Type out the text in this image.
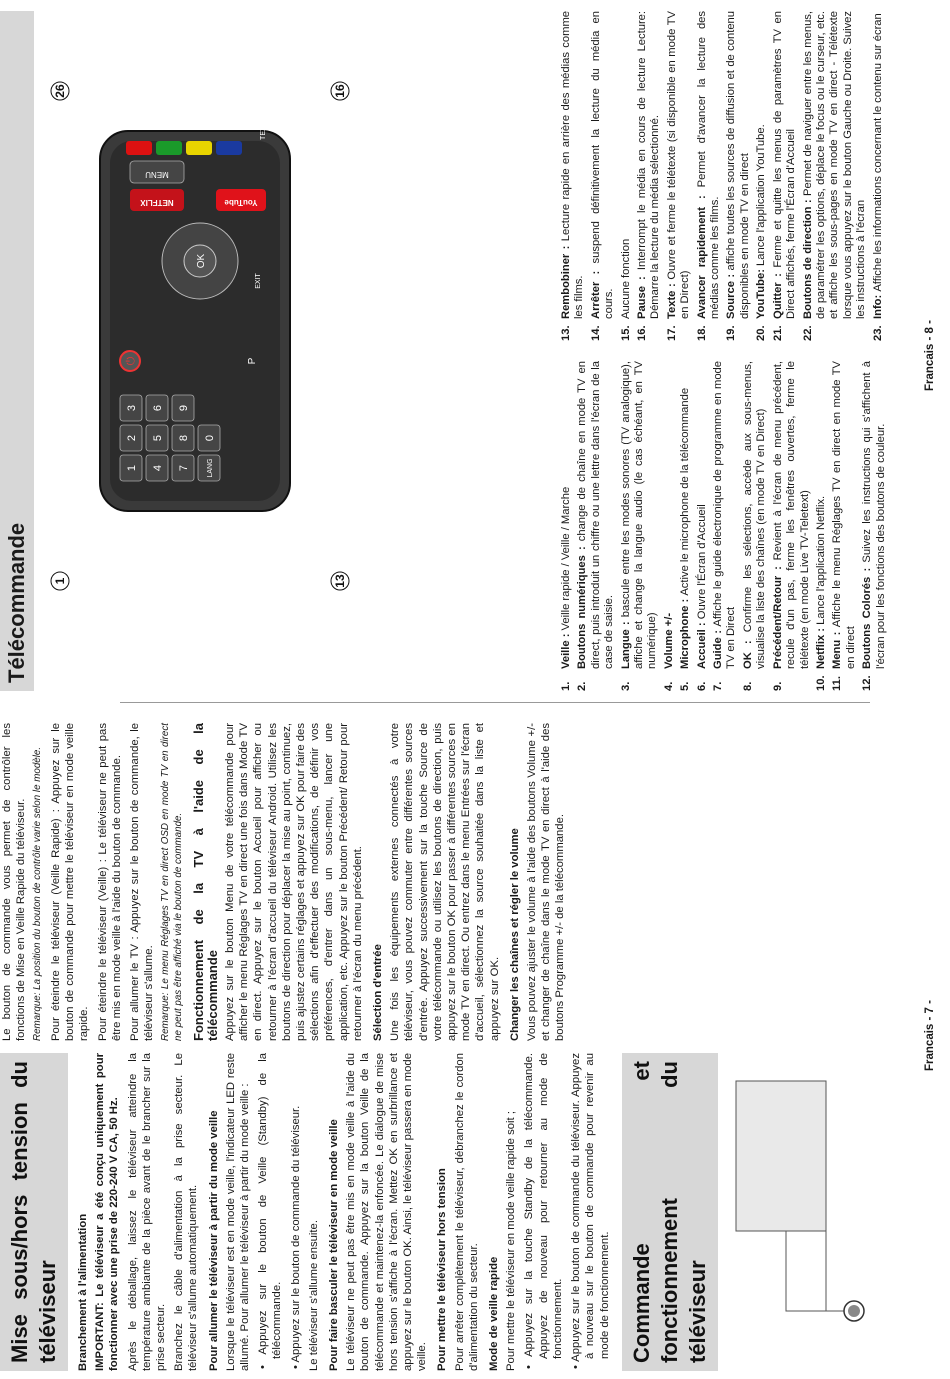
Mise sous/hors tension du téléviseur	Branchement à l'alimentation IMPORTANT: Le téléviseur a été conçu uniquement pour fonctionner avec une prise de 220-240 V CA, 50 Hz. Après le déballage, laissez le téléviseur atteindre la température ambiante de la pièce avant de le brancher sur la prise secteur. Branchez le câble d'alimentation à la prise secteur. Le téléviseur s'allume automatiquement. Pour allumer le téléviseur à partir du mode veille Lorsque le téléviseur est en mode veille, l'indicateur LED reste allumé. Pour allumer le téléviseur à partir du mode veille : • Appuyez sur le bouton de Veille (Standby) de la télécommande. • Appuyez sur le bouton de commande du téléviseur. Le téléviseur s'allume ensuite. Pour faire basculer le téléviseur en mode veille Le téléviseur ne peut pas être mis en mode veille à l'aide du bouton de commande. Appuyez sur la bouton Veille de la télécommande et maintenez-la enfoncée. Le dialogue de mise hors tension s'affiche à l'écran. Mettez OK en surbrillance et appuyez sur le bouton OK. Ainsi, le téléviseur passera en mode veille. Pour mettre le téléviseur hors tension Pour arrêter complètement le téléviseur, débranchez le cordon d'alimentation du secteur. Mode de veille rapide Pour mettre le téléviseur en mode veille rapide soit ; • Appuyez sur la touche Standby de la télécommande. Appuyez de nouveau pour retourner au mode de fonctionnement. • Appuyez sur le bouton de commande du téléviseur. Appuyez à nouveau sur le bouton de commande pour revenir au mode de fonctionnement. Commande et fonctionnement du téléviseur

Le bouton de commande vous permet de contrôler les fonctions de Mise en Veille Rapide du téléviseur. Remarque: La position du bouton de contrôle varie selon le modèle. Pour éteindre le téléviseur (Veille Rapide) : Appuyez sur le bouton de commande pour mettre le téléviseur en mode veille rapide. Pour éteindre le téléviseur (Veille) : Le téléviseur ne peut pas être mis en mode veille à l'aide du bouton de commande. Pour allumer le TV : Appuyez sur le bouton de commande, le téléviseur s'allume. Remarque: Le menu Réglages TV en direct OSD en mode TV en direct ne peut pas être affiché via le bouton de commande. Fonctionnement de la TV à l'aide de la télécommande Appuyez sur le bouton Menu de votre télécommande pour afficher le menu Réglages TV en direct une fois dans Mode TV en direct. Appuyez sur le bouton Accueil pour afficher ou retourner à l'écran d'accueil du téléviseur Android. Utilisez les boutons de direction pour déplacer la mise au point, continuez, puis ajustez certains réglages et appuyez sur OK pour faire des sélections afin d'effectuer des modifications, de définir vos préférences, d'entrer dans un sous-menu, lancer une application, etc. Appuyez sur le bouton Précédent/ Retour pour retourner à l'écran du menu précédent. Sélection d'entrée Une fois les équipements externes connectés à votre téléviseur, vous pouvez commuter entre différentes sources d'entrée. Appuyez successivement sur la touche Source de votre télécommande ou utilisez les boutons de direction, puis appuyez sur le bouton OK pour passer à différentes sources en mode TV en direct. Ou entrez dans le menu Entrées sur l'écran d'accueil, sélectionnez la source souhaitée dans la liste et appuyez sur OK. Changer les chaînes et régler le volume Vous pouvez ajuster le volume à l'aide des boutons Volume +/- et changer de chaîne dans le mode TV en direct à l'aide des boutons Programme +/- de la télécommande.	Francais - 7 -
Télécommande
1
2
3
4
5
6
7
8
9
0
⏻
LANG
OK
NETFLIX	YouTube
MENU
EXIT
TEXT
P
1	13
26	16
1.
Veille : Veille rapide / Veille / Marche
2.
Boutons numériques : change de chaîne en mode TV en direct, puis introduit un chiffre ou une lettre dans l'écran de la case de saisie.
3.
Langue : bascule entre les modes sonores (TV analogique), affiche et change la langue audio (le cas échéant, en TV numérique)
4.
Volume +/-
5.
Microphone : Active le microphone de la télécommande
6.
Accueil : Ouvre l'Écran d'Accueil
7.
Guide : Affiche le guide électronique de programme en mode TV en Direct
8.
OK : Confirme les sélections, accède aux sous-menus, visualise la liste des chaînes (en mode TV en Direct)
9.
Précédent/Retour : Revient à l'écran de menu précédent, recule d'un pas, ferme les fenêtres ouvertes, ferme le télétexte (en mode Live TV-Teletext)
10.
Netflix : Lance l'application Netflix.
11.
Menu : Affiche le menu Réglages TV en direct en mode TV en direct
12.
Boutons Colorés : Suivez les instructions qui s'affichent à l'écran pour les fonctions des boutons de couleur.
13.
Rembobiner : Lecture rapide en arrière des médias comme les films.
14.
Arrêter : suspend définitivement la lecture du média en cours.
15.
Aucune fonction
16.
Pause : Interrompt le média en cours de lecture Lecture: Démarre la lecture du média sélectionné.
17.
Texte : Ouvre et ferme le télétexte (si disponible en mode TV en Direct)
18.
Avancer rapidement : Permet d'avancer la lecture des médias comme les films.
19.
Source : affiche toutes les sources de diffusion et de contenu disponibles en mode TV en direct
20.
YouTube: Lance l'application YouTube.
21.
Quitter : Ferme et quitte les menus de paramètres TV en Direct affichés, ferme l'Écran d'Accueil
22.
Boutons de direction : Permet de naviguer entre les menus, de paramétrer les options, déplace le focus ou le curseur, etc. et affiche les sous-pages en mode TV en direct - Télétexte lorsque vous appuyez sur le bouton Gauche ou Droite. Suivez les instructions à l'écran
23.
Info: Affiche les informations concernant le contenu sur écran
Francais - 8 -
